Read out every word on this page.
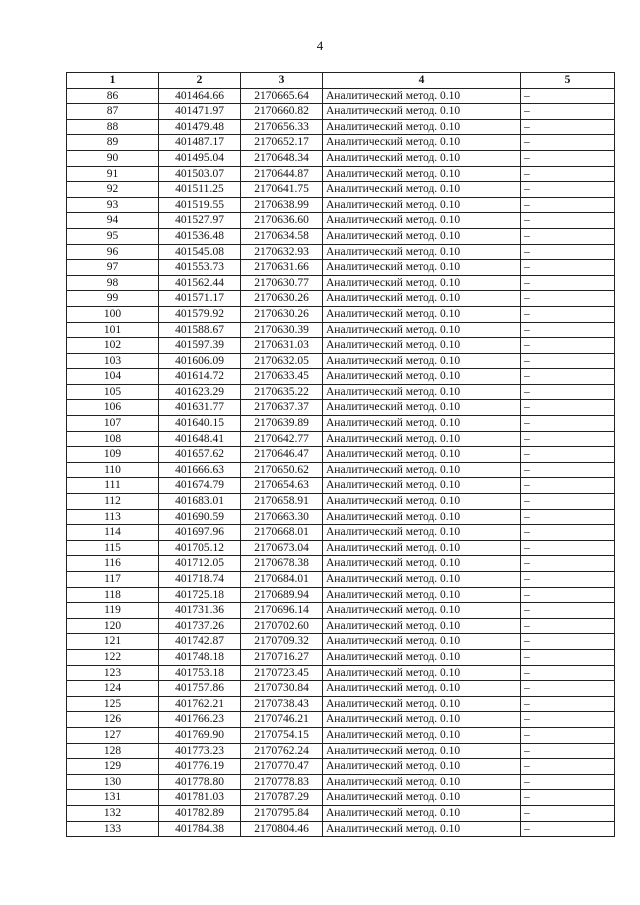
4
1	2	3	4	5
86	401464.66	2170665.64	Аналитический метод. 0.10	–
87	401471.97	2170660.82	Аналитический метод. 0.10	–
88	401479.48	2170656.33	Аналитический метод. 0.10	–
89	401487.17	2170652.17	Аналитический метод. 0.10	–
90	401495.04	2170648.34	Аналитический метод. 0.10	–
91	401503.07	2170644.87	Аналитический метод. 0.10	–
92	401511.25	2170641.75	Аналитический метод. 0.10	–
93	401519.55	2170638.99	Аналитический метод. 0.10	–
94	401527.97	2170636.60	Аналитический метод. 0.10	–
95	401536.48	2170634.58	Аналитический метод. 0.10	–
96	401545.08	2170632.93	Аналитический метод. 0.10	–
97	401553.73	2170631.66	Аналитический метод. 0.10	–
98	401562.44	2170630.77	Аналитический метод. 0.10	–
99	401571.17	2170630.26	Аналитический метод. 0.10	–
100	401579.92	2170630.26	Аналитический метод. 0.10	–
101	401588.67	2170630.39	Аналитический метод. 0.10	–
102	401597.39	2170631.03	Аналитический метод. 0.10	–
103	401606.09	2170632.05	Аналитический метод. 0.10	–
104	401614.72	2170633.45	Аналитический метод. 0.10	–
105	401623.29	2170635.22	Аналитический метод. 0.10	–
106	401631.77	2170637.37	Аналитический метод. 0.10	–
107	401640.15	2170639.89	Аналитический метод. 0.10	–
108	401648.41	2170642.77	Аналитический метод. 0.10	–
109	401657.62	2170646.47	Аналитический метод. 0.10	–
110	401666.63	2170650.62	Аналитический метод. 0.10	–
111	401674.79	2170654.63	Аналитический метод. 0.10	–
112	401683.01	2170658.91	Аналитический метод. 0.10	–
113	401690.59	2170663.30	Аналитический метод. 0.10	–
114	401697.96	2170668.01	Аналитический метод. 0.10	–
115	401705.12	2170673.04	Аналитический метод. 0.10	–
116	401712.05	2170678.38	Аналитический метод. 0.10	–
117	401718.74	2170684.01	Аналитический метод. 0.10	–
118	401725.18	2170689.94	Аналитический метод. 0.10	–
119	401731.36	2170696.14	Аналитический метод. 0.10	–
120	401737.26	2170702.60	Аналитический метод. 0.10	–
121	401742.87	2170709.32	Аналитический метод. 0.10	–
122	401748.18	2170716.27	Аналитический метод. 0.10	–
123	401753.18	2170723.45	Аналитический метод. 0.10	–
124	401757.86	2170730.84	Аналитический метод. 0.10	–
125	401762.21	2170738.43	Аналитический метод. 0.10	–
126	401766.23	2170746.21	Аналитический метод. 0.10	–
127	401769.90	2170754.15	Аналитический метод. 0.10	–
128	401773.23	2170762.24	Аналитический метод. 0.10	–
129	401776.19	2170770.47	Аналитический метод. 0.10	–
130	401778.80	2170778.83	Аналитический метод. 0.10	–
131	401781.03	2170787.29	Аналитический метод. 0.10	–
132	401782.89	2170795.84	Аналитический метод. 0.10	–
133	401784.38	2170804.46	Аналитический метод. 0.10	–
